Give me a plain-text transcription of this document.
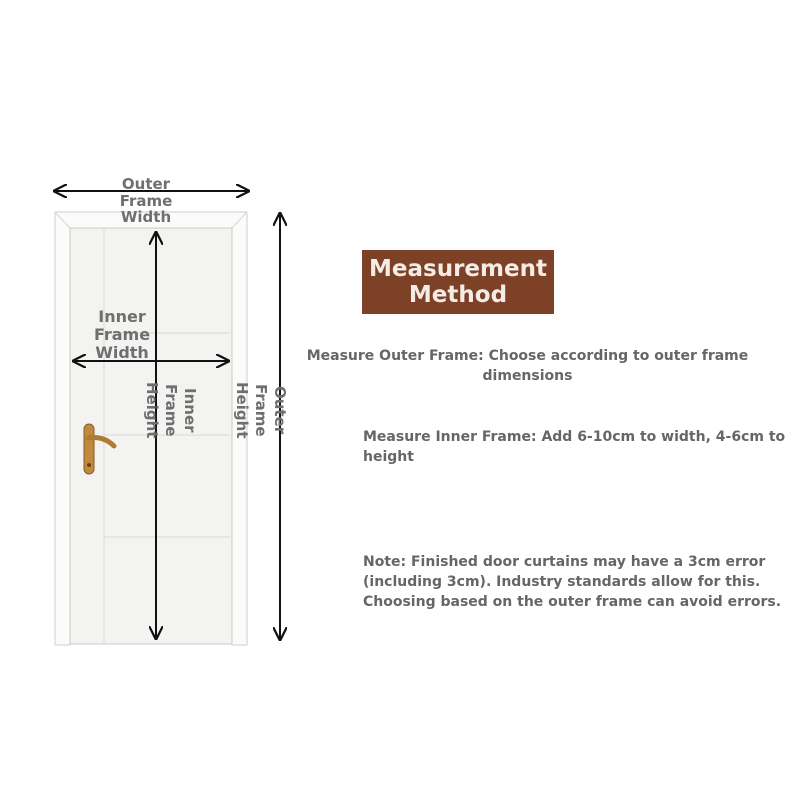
Outer
Frame
Width
Inner
Frame
Width
Inner
Frame
Height	Outer
Frame
Height
Measurement
Method

Measure Outer Frame: Choose according to outer frame dimensions

Measure Inner Frame: Add 6-10cm to width, 4-6cm to height

Note: Finished door curtains may have a 3cm error (including 3cm). Industry standards allow for this. Choosing based on the outer frame can avoid errors.
